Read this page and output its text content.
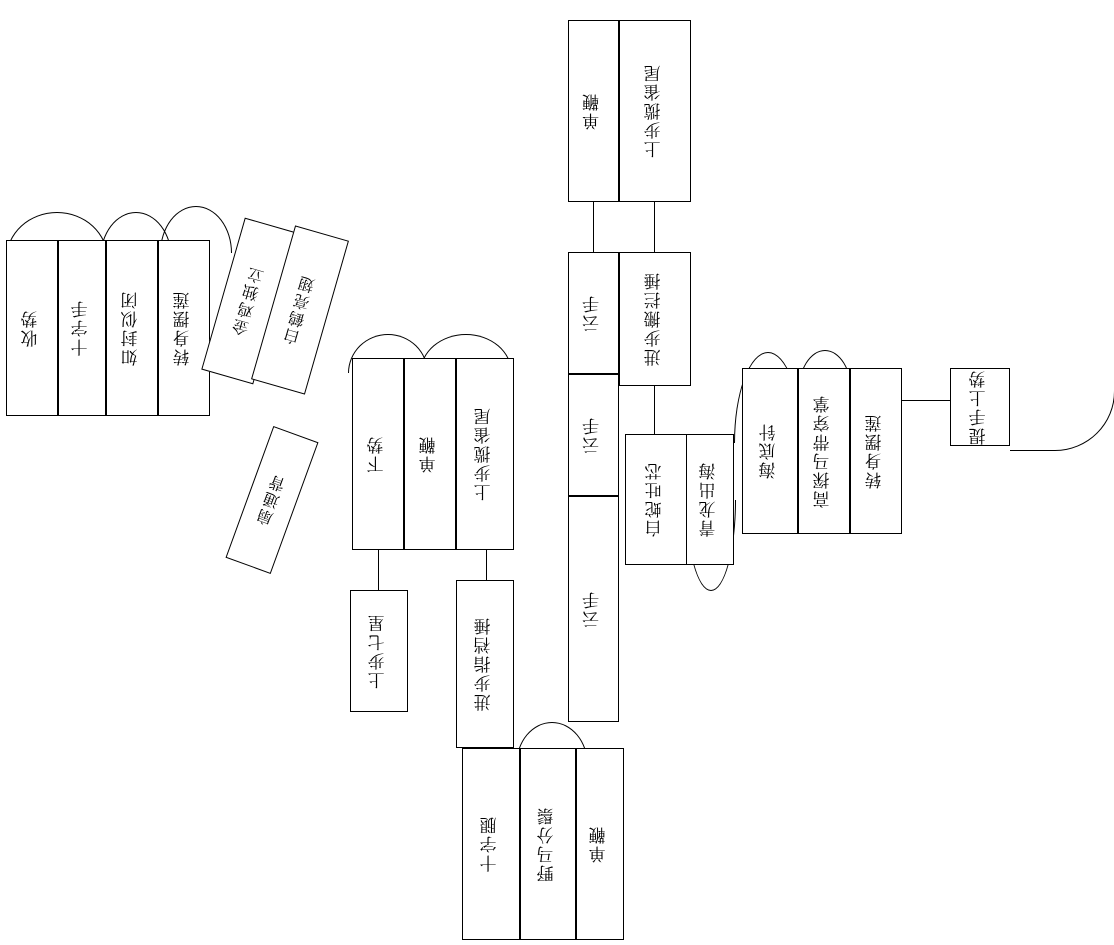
上步揽雀尾
单鞭
进步搬拦捶
云手
云手
云手
白蛇吐芯	青龙出海
海底针	高探马带穿掌	转身摆莲
提手上势
收势	十字手	如封似闭	转身摆莲	金鸡独立 白鹤亮翅
扇通背	上步揽雀尾
单鞭
下势
上步七星	进步指裆捶
十字腿	野马分鬃	单鞭
